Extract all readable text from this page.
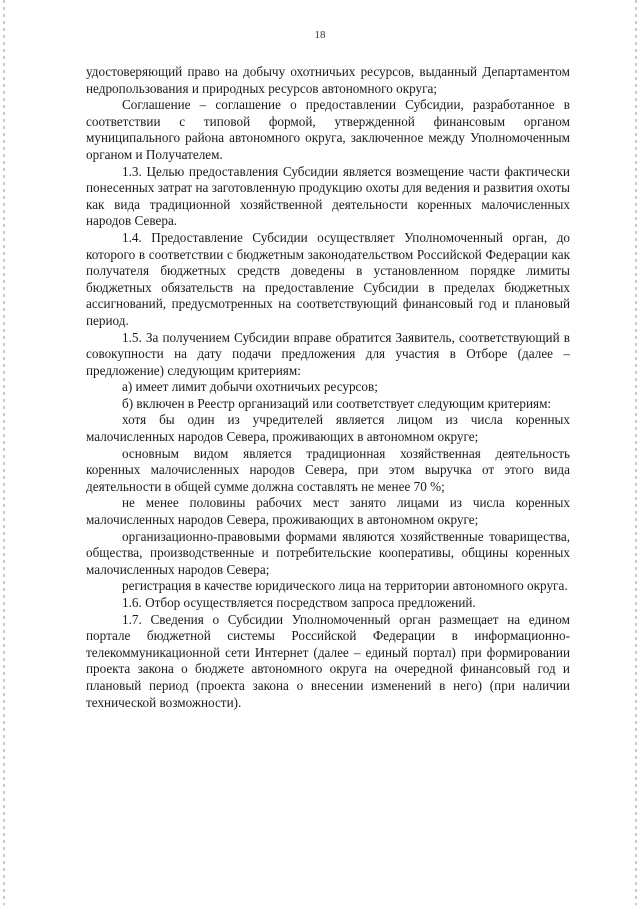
18

удостоверяющий право на добычу охотничьих ресурсов, выданный Департаментом недропользования и природных ресурсов автономного округа;

Соглашение – соглашение о предоставлении Субсидии, разработанное в соответствии с типовой формой, утвержденной финансовым органом муниципального района автономного округа, заключенное между Уполномоченным органом и Получателем.

1.3. Целью предоставления Субсидии является возмещение части фактически понесенных затрат на заготовленную продукцию охоты для ведения и развития охоты как вида традиционной хозяйственной деятельности коренных малочисленных народов Севера.

1.4. Предоставление Субсидии осуществляет Уполномоченный орган, до которого в соответствии с бюджетным законодательством Российской Федерации как получателя бюджетных средств доведены в установленном порядке лимиты бюджетных обязательств на предоставление Субсидии в пределах бюджетных ассигнований, предусмотренных на соответствующий финансовый год и плановый период.

1.5. За получением Субсидии вправе обратится Заявитель, соответствующий в совокупности на дату подачи предложения для участия в Отборе (далее – предложение) следующим критериям:

а) имеет лимит добычи охотничьих ресурсов;

б) включен в Реестр организаций или соответствует следующим критериям:

хотя бы один из учредителей является лицом из числа коренных малочисленных народов Севера, проживающих в автономном округе;

основным видом является традиционная хозяйственная деятельность коренных малочисленных народов Севера, при этом выручка от этого вида деятельности в общей сумме должна составлять не менее 70 %;

не менее половины рабочих мест занято лицами из числа коренных малочисленных народов Севера, проживающих в автономном округе;

организационно-правовыми формами являются хозяйственные товарищества, общества, производственные и потребительские кооперативы, общины коренных малочисленных народов Севера;

регистрация в качестве юридического лица на территории автономного округа.

1.6. Отбор осуществляется посредством запроса предложений.

1.7. Сведения о Субсидии Уполномоченный орган размещает на едином портале бюджетной системы Российской Федерации в информационно-телекоммуникационной сети Интернет (далее – единый портал) при формировании проекта закона о бюджете автономного округа на очередной финансовый год и плановый период (проекта закона о внесении изменений в него) (при наличии технической возможности).
